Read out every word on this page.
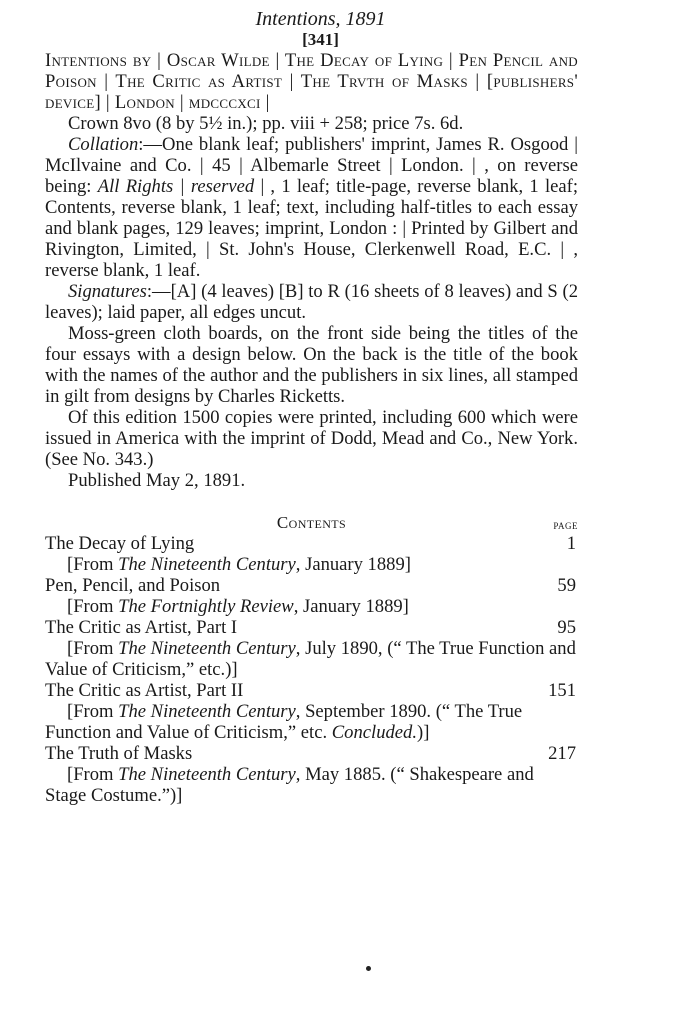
Intentions, 1891
[341]

Intentions by | Oscar Wilde | The Decay of Lying | Pen Pencil and Poison | The Critic as Artist | The Trvth of Masks | [publishers' device] | London | mdcccxci |

Crown 8vo (8 by 5½ in.); pp. viii + 258; price 7s. 6d.

Collation:—One blank leaf; publishers' imprint, James R. Osgood | McIlvaine and Co. | 45 | Albemarle Street | London. | , on reverse being: All Rights | reserved | , 1 leaf; title-page, reverse blank, 1 leaf; Contents, reverse blank, 1 leaf; text, including half-titles to each essay and blank pages, 129 leaves; imprint, London : | Printed by Gilbert and Rivington, Limited, | St. John's House, Clerkenwell Road, E.C. | , reverse blank, 1 leaf.

Signatures:—[A] (4 leaves) [B] to R (16 sheets of 8 leaves) and S (2 leaves); laid paper, all edges uncut.

Moss-green cloth boards, on the front side being the titles of the four essays with a design below. On the back is the title of the book with the names of the author and the publishers in six lines, all stamped in gilt from designs by Charles Ricketts.

Of this edition 1500 copies were printed, including 600 which were issued in America with the imprint of Dodd, Mead and Co., New York. (See No. 343.)

Published May 2, 1891.

Contents	PAGE
The Decay of Lying	1
[From The Nineteenth Century, January 1889]
Pen, Pencil, and Poison	59
[From The Fortnightly Review, January 1889]
The Critic as Artist, Part I	95
[From The Nineteenth Century, July 1890, (“ The True Function and Value of Criticism,” etc.)]
The Critic as Artist, Part II	151
[From The Nineteenth Century, September 1890. (“ The True Function and Value of Criticism,” etc. Concluded.)]
The Truth of Masks	217
[From The Nineteenth Century, May 1885. (“ Shakespeare and Stage Costume.”)]
